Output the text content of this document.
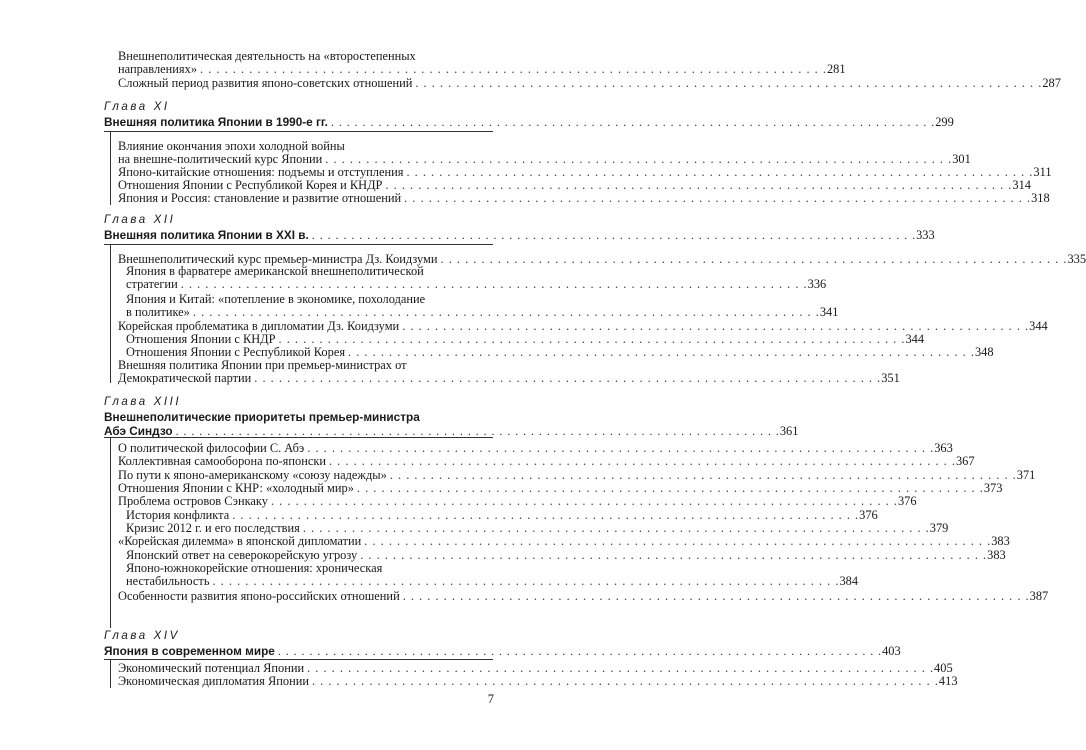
Внешнеполитическая деятельность на «второстепенных
направлениях» . . . . . . . . . . . . . . . . . . . . . . . . . . . . . . . . . . . . . . . . . . . . . . . . . . . . . . . . . . . . . . . . . . . . . . . . . . . . . 281
Сложный период развития японо-советских отношений . . . . . . . . . . . . . . . . . . . . . . . . . . . . . . . . . . . . . . . . . . . . . . . . . . . . . . . . . . . . . . . . . . . . . . . . . . . . . 287
Глава XI
Внешняя политика Японии в 1990-е гг. . . . . . . . . . . . . . . . . . . . . . . . . . . . . . . . . . . . . . . . . . . . . . . . . . . . . . . . . . . . . . . . . . . . . . . . . . . . . . 299
Влияние окончания эпохи холодной войны
на внешне-политический курс Японии . . . . . . . . . . . . . . . . . . . . . . . . . . . . . . . . . . . . . . . . . . . . . . . . . . . . . . . . . . . . . . . . . . . . . . . . . . . . . 301
Японо-китайские отношения: подъемы и отступления . . . . . . . . . . . . . . . . . . . . . . . . . . . . . . . . . . . . . . . . . . . . . . . . . . . . . . . . . . . . . . . . . . . . . . . . . . . . . 311
Отношения Японии с Республикой Корея и КНДР . . . . . . . . . . . . . . . . . . . . . . . . . . . . . . . . . . . . . . . . . . . . . . . . . . . . . . . . . . . . . . . . . . . . . . . . . . . . . 314
Япония и Россия: становление и развитие отношений . . . . . . . . . . . . . . . . . . . . . . . . . . . . . . . . . . . . . . . . . . . . . . . . . . . . . . . . . . . . . . . . . . . . . . . . . . . . . 318
Глава XII
Внешняя политика Японии в XXI в. . . . . . . . . . . . . . . . . . . . . . . . . . . . . . . . . . . . . . . . . . . . . . . . . . . . . . . . . . . . . . . . . . . . . . . . . . . . . . 333
Внешнеполитический курс премьер-министра Дз. Коидзуми . . . . . . . . . . . . . . . . . . . . . . . . . . . . . . . . . . . . . . . . . . . . . . . . . . . . . . . . . . . . . . . . . . . . . . . . . . . . . 335
Япония в фарватере американской внешнеполитической
стратегии . . . . . . . . . . . . . . . . . . . . . . . . . . . . . . . . . . . . . . . . . . . . . . . . . . . . . . . . . . . . . . . . . . . . . . . . . . . . . 336
Япония и Китай: «потепление в экономике, похолодание
в политике» . . . . . . . . . . . . . . . . . . . . . . . . . . . . . . . . . . . . . . . . . . . . . . . . . . . . . . . . . . . . . . . . . . . . . . . . . . . . . 341
Корейская проблематика в дипломатии Дз. Коидзуми . . . . . . . . . . . . . . . . . . . . . . . . . . . . . . . . . . . . . . . . . . . . . . . . . . . . . . . . . . . . . . . . . . . . . . . . . . . . . 344
Отношения Японии с КНДР . . . . . . . . . . . . . . . . . . . . . . . . . . . . . . . . . . . . . . . . . . . . . . . . . . . . . . . . . . . . . . . . . . . . . . . . . . . . . 344
Отношения Японии с Республикой Корея . . . . . . . . . . . . . . . . . . . . . . . . . . . . . . . . . . . . . . . . . . . . . . . . . . . . . . . . . . . . . . . . . . . . . . . . . . . . . 348
Внешняя политика Японии при премьер-министрах от
Демократической партии . . . . . . . . . . . . . . . . . . . . . . . . . . . . . . . . . . . . . . . . . . . . . . . . . . . . . . . . . . . . . . . . . . . . . . . . . . . . . 351
Глава XIII
Внешнеполитические приоритеты премьер-министра
Абэ Синдзо . . . . . . . . . . . . . . . . . . . . . . . . . . . . . . . . . . . . . . . . . . . . . . . . . . . . . . . . . . . . . . . . . . . . . . . . . . . . . 361
О политической философии С. Абэ . . . . . . . . . . . . . . . . . . . . . . . . . . . . . . . . . . . . . . . . . . . . . . . . . . . . . . . . . . . . . . . . . . . . . . . . . . . . . 363
Коллективная самооборона по-японски . . . . . . . . . . . . . . . . . . . . . . . . . . . . . . . . . . . . . . . . . . . . . . . . . . . . . . . . . . . . . . . . . . . . . . . . . . . . . 367
По пути к японо-американскому «союзу надежды» . . . . . . . . . . . . . . . . . . . . . . . . . . . . . . . . . . . . . . . . . . . . . . . . . . . . . . . . . . . . . . . . . . . . . . . . . . . . . 371
Отношения Японии с КНР: «холодный мир» . . . . . . . . . . . . . . . . . . . . . . . . . . . . . . . . . . . . . . . . . . . . . . . . . . . . . . . . . . . . . . . . . . . . . . . . . . . . . 373
Проблема островов Сэнкаку . . . . . . . . . . . . . . . . . . . . . . . . . . . . . . . . . . . . . . . . . . . . . . . . . . . . . . . . . . . . . . . . . . . . . . . . . . . . . 376
История конфликта . . . . . . . . . . . . . . . . . . . . . . . . . . . . . . . . . . . . . . . . . . . . . . . . . . . . . . . . . . . . . . . . . . . . . . . . . . . . . 376
Кризис 2012 г. и его последствия . . . . . . . . . . . . . . . . . . . . . . . . . . . . . . . . . . . . . . . . . . . . . . . . . . . . . . . . . . . . . . . . . . . . . . . . . . . . . 379
«Корейская дилемма» в японской дипломатии . . . . . . . . . . . . . . . . . . . . . . . . . . . . . . . . . . . . . . . . . . . . . . . . . . . . . . . . . . . . . . . . . . . . . . . . . . . . . 383
Японский ответ на северокорейскую угрозу . . . . . . . . . . . . . . . . . . . . . . . . . . . . . . . . . . . . . . . . . . . . . . . . . . . . . . . . . . . . . . . . . . . . . . . . . . . . . 383
Японо-южнокорейские отношения: хроническая
нестабильность . . . . . . . . . . . . . . . . . . . . . . . . . . . . . . . . . . . . . . . . . . . . . . . . . . . . . . . . . . . . . . . . . . . . . . . . . . . . . 384
Особенности развития японо-российских отношений . . . . . . . . . . . . . . . . . . . . . . . . . . . . . . . . . . . . . . . . . . . . . . . . . . . . . . . . . . . . . . . . . . . . . . . . . . . . . 387
Глава XIV
Япония в современном мире . . . . . . . . . . . . . . . . . . . . . . . . . . . . . . . . . . . . . . . . . . . . . . . . . . . . . . . . . . . . . . . . . . . . . . . . . . . . . 403
Экономический потенциал Японии . . . . . . . . . . . . . . . . . . . . . . . . . . . . . . . . . . . . . . . . . . . . . . . . . . . . . . . . . . . . . . . . . . . . . . . . . . . . . 405
Экономическая дипломатия Японии . . . . . . . . . . . . . . . . . . . . . . . . . . . . . . . . . . . . . . . . . . . . . . . . . . . . . . . . . . . . . . . . . . . . . . . . . . . . . 413
7
